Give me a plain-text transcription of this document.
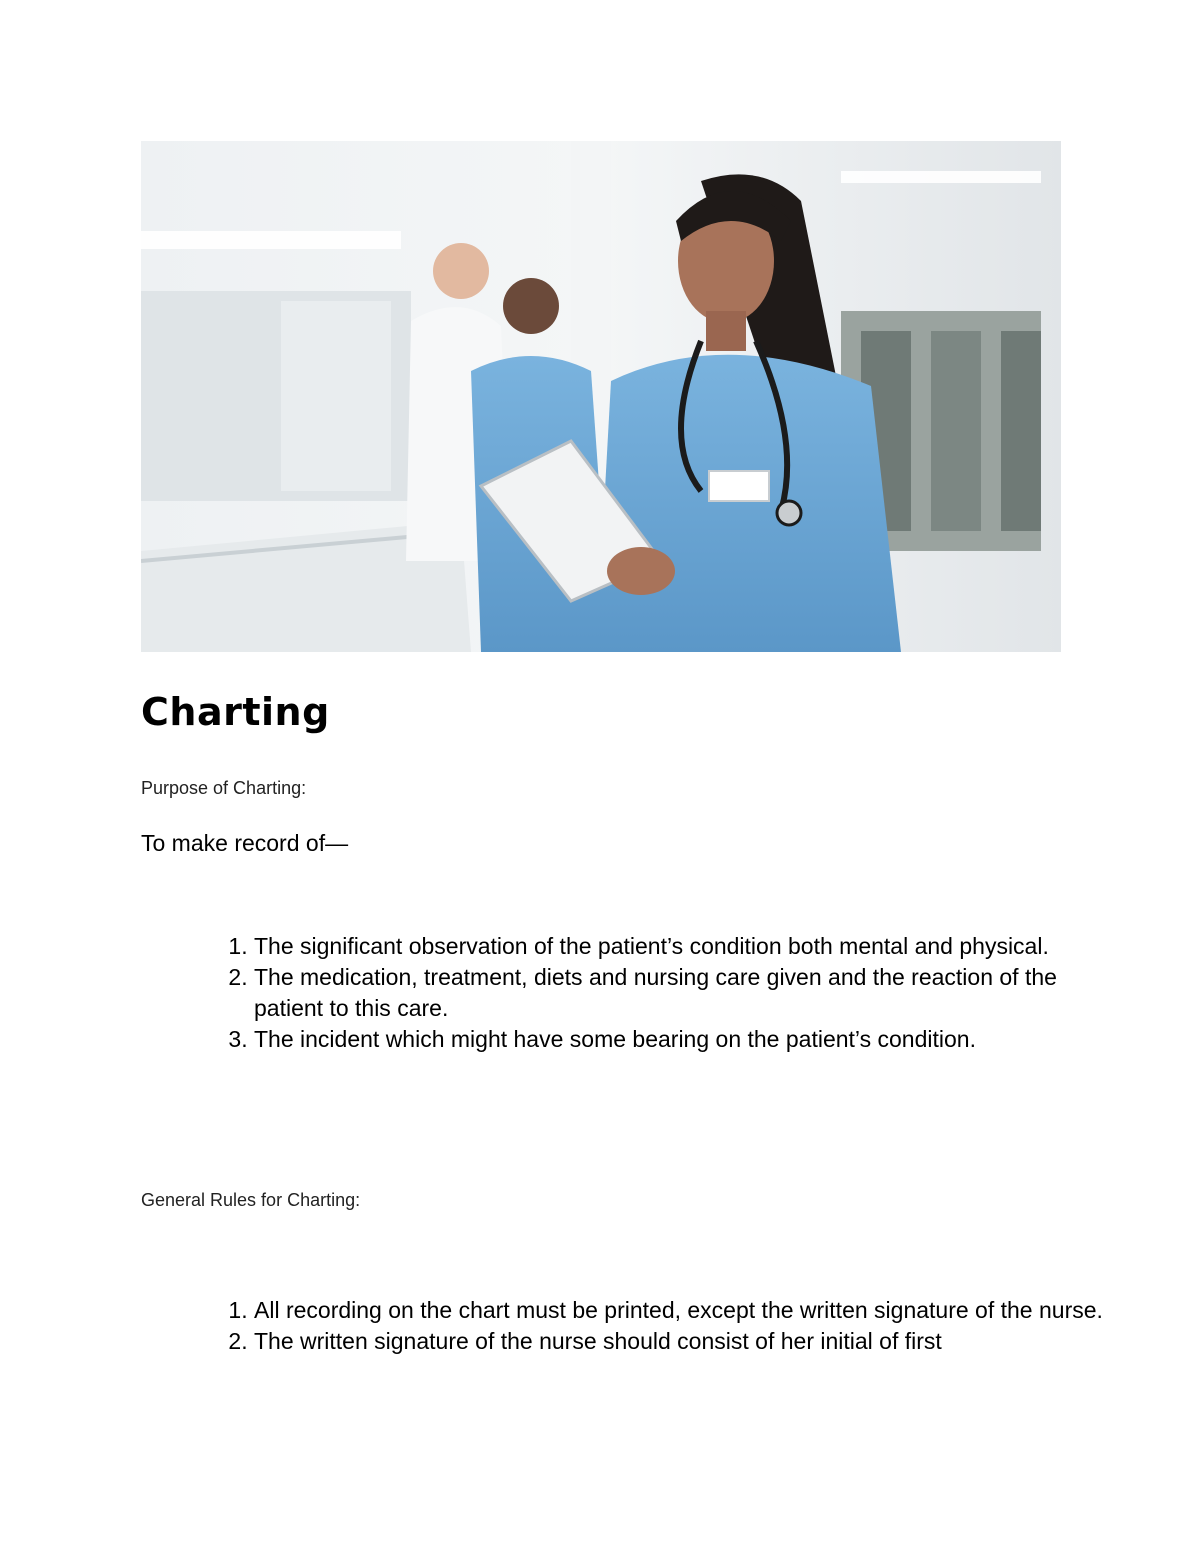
Charting

Purpose of Charting:

To make record of—

1. The significant observation of the patient’s condition both mental and physical.
2. The medication, treatment, diets and nursing care given and the reaction of the patient to this care.
3. The incident which might have some bearing on the patient’s condition.

General Rules for Charting:

1. All recording on the chart must be printed, except the written signature of the nurse.
2. The written signature of the nurse should consist of her initial of first
